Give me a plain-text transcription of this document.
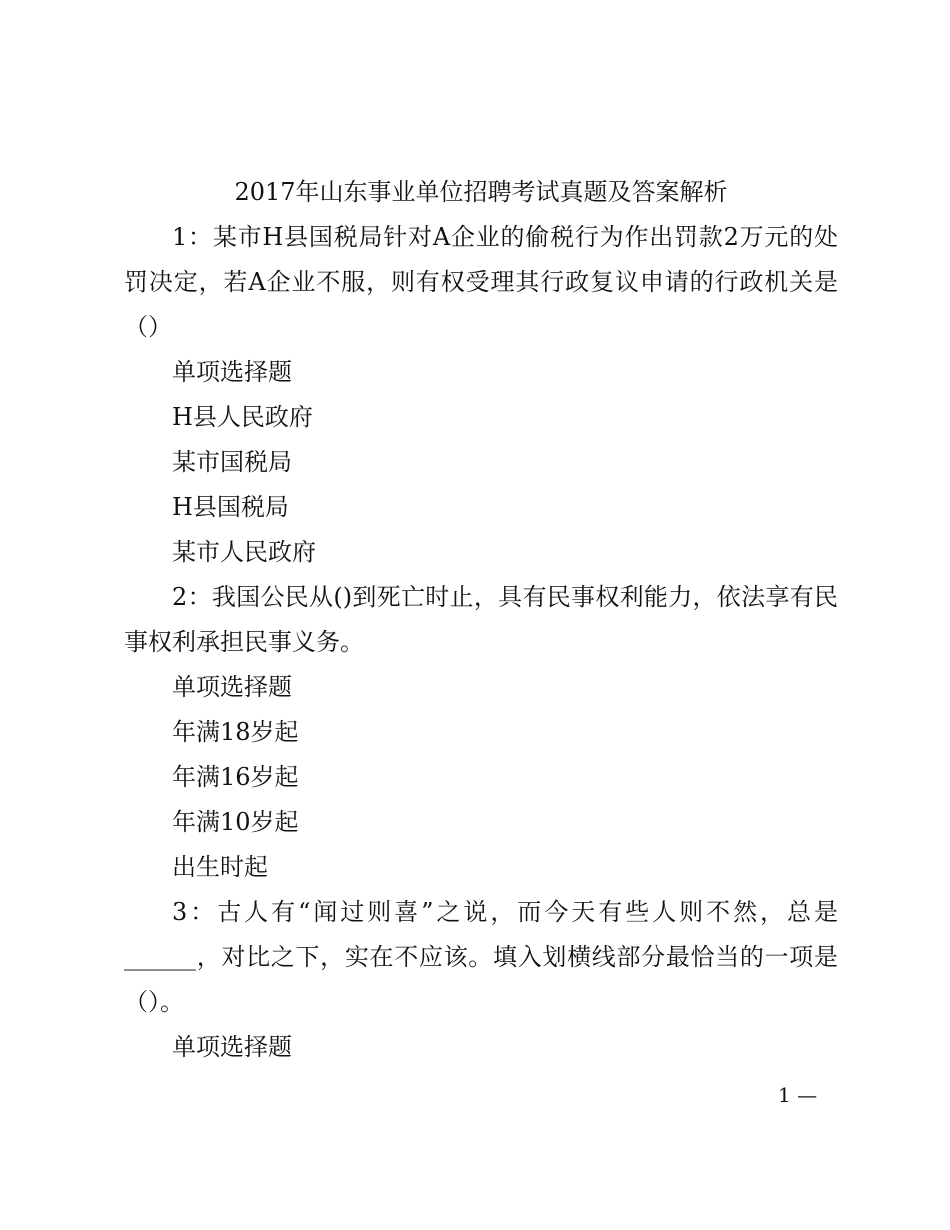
2017年山东事业单位招聘考试真题及答案解析

1：某市H县国税局针对A企业的偷税行为作出罚款2万元的处罚决定，若A企业不服，则有权受理其行政复议申请的行政机关是（）

单项选择题

H县人民政府

某市国税局

H县国税局

某市人民政府

2：我国公民从()到死亡时止，具有民事权利能力，依法享有民事权利承担民事义务。

单项选择题

年满18岁起

年满16岁起

年满10岁起

出生时起

3：古人有“闻过则喜”之说，而今天有些人则不然，总是______，对比之下，实在不应该。填入划横线部分最恰当的一项是（）。

单项选择题

1 —
